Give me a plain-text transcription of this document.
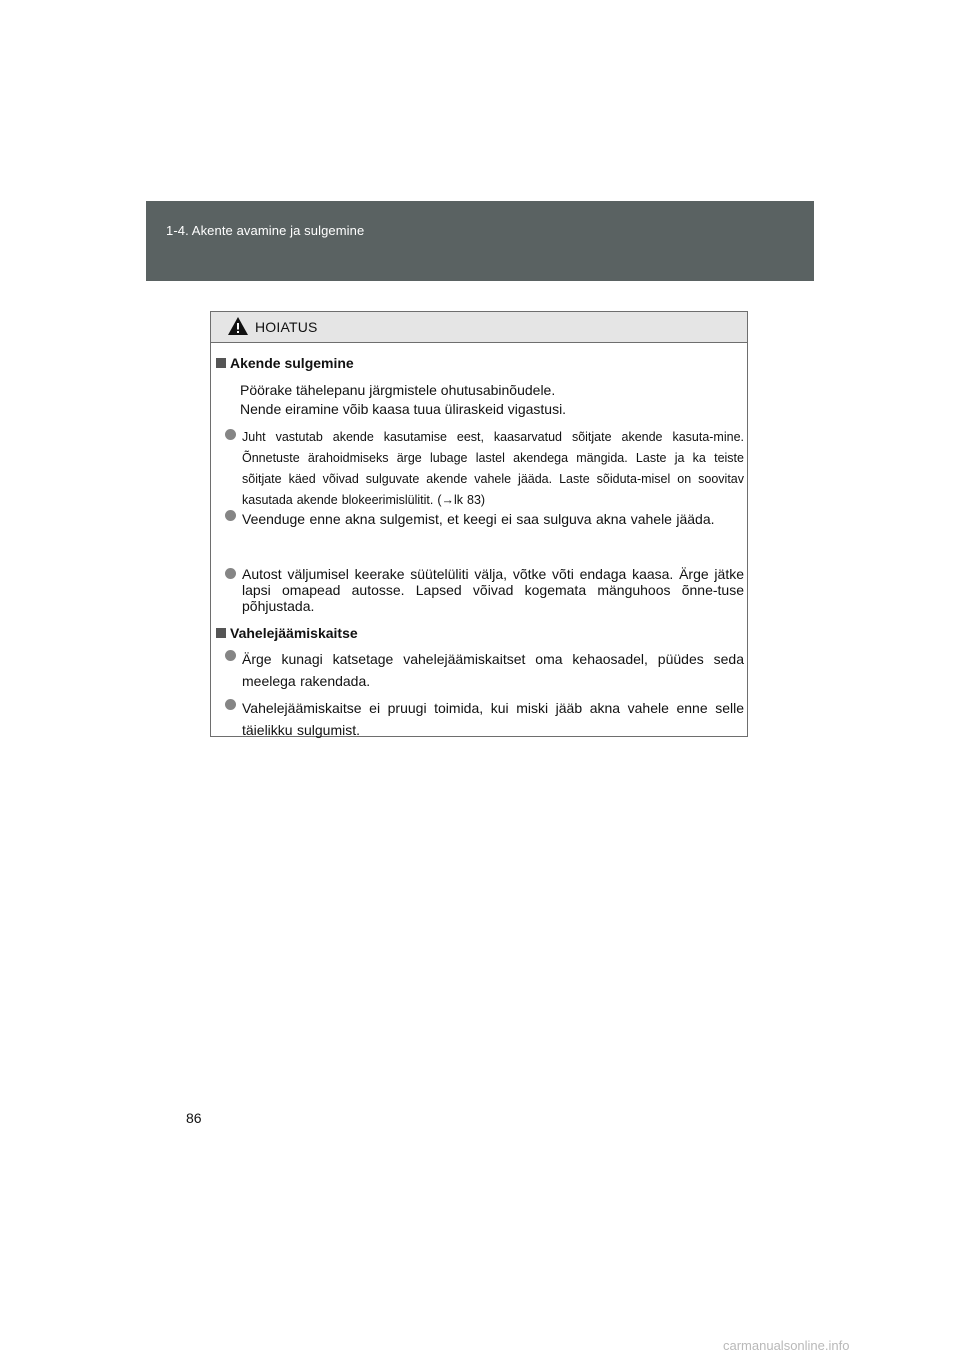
1-4. Akente avamine ja sulgemine
HOIATUS
Akende sulgemine
Pöörake tähelepanu järgmistele ohutusabinõudele.
Nende eiramine võib kaasa tuua üliraskeid vigastusi.
Juht vastutab akende kasutamise eest, kaasarvatud sõitjate akende kasuta-mine. Õnnetuste ärahoidmiseks ärge lubage lastel akendega mängida. Laste ja ka teiste sõitjate käed võivad sulguvate akende vahele jääda. Laste sõiduta-misel on soovitav kasutada akende blokeerimislülitit. (→lk 83)
Veenduge enne akna sulgemist, et keegi ei saa sulguva akna vahele jääda.
Autost väljumisel keerake süütelüliti välja, võtke võti endaga kaasa. Ärge jätke lapsi omapead autosse. Lapsed võivad kogemata mänguhoos õnne-tuse põhjustada.
Vahelejäämiskaitse
Ärge kunagi katsetage vahelejäämiskaitset oma kehaosadel, püüdes seda meelega rakendada.
Vahelejäämiskaitse ei pruugi toimida, kui miski jääb akna vahele enne selle täielikku sulgumist.
86
carmanualsonline.info
